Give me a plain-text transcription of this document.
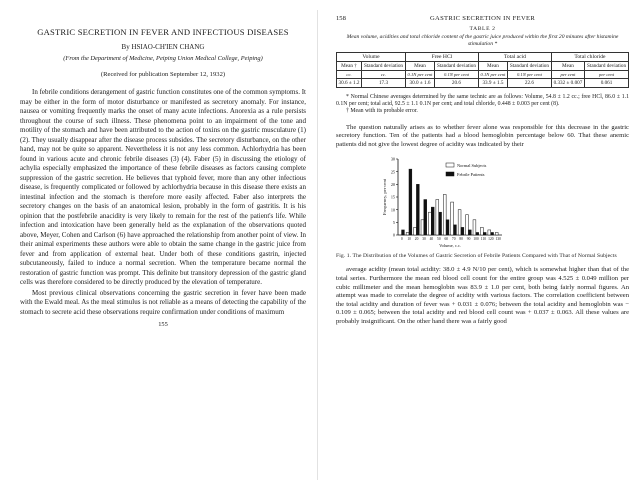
GASTRIC SECRETION IN FEVER AND INFECTIOUS DISEASES
By HSIAO-CH'IEN CHANG
(From the Department of Medicine, Peiping Union Medical College, Peiping)
(Received for publication September 12, 1932)

In febrile conditions derangement of gastric function constitutes one of the common symptoms. It may be either in the form of motor disturbance or manifested as secretory anomaly. For instance, nausea or vomiting frequently marks the onset of many acute infections. Anorexia as a rule persists throughout the course of such illness. These phenomena point to an impairment of the tone and motility of the stomach and have been attributed to the action of toxins on the gastric musculature (1) (2). They usually disappear after the disease process subsides. The secretory disturbance, on the other hand, may not be quite so apparent. Nevertheless it is not any less common. Achlorhydria has been found in various acute and chronic febrile diseases (3) (4). Faber (5) in discussing the etiology of achylia especially emphasized the importance of these febrile diseases as factors causing complete suppression of the gastric secretion. He believes that typhoid fever, more than any other infectious disease, is frequently complicated or followed by achlorhydria because in this disease there exists an intestinal infection and the stomach is therefore more easily affected. Faber also interprets the secretory changes on the basis of an anatomical lesion, probably in the form of gastritis. It is his opinion that the postfebrile anacidity is very likely to remain for the rest of the patient's life. While infection and intoxication have been generally held as the explanation of the observations quoted above, Meyer, Cohen and Carlson (6) have approached the relationship from another point of view. In their animal experiments these authors were able to obtain the same change in the gastric juice from fever and from application of external heat. Under both of these conditions gastrin, injected subcutaneously, failed to induce a normal secretion. When the temperature became normal the restoration of gastric function was prompt. This definite but transitory depression of the gastric gland cells was therefore considered to be directly produced by the elevation of temperature.

Most previous clinical observations concerning the gastric secretion in fever have been made with the Ewald meal. As the meal stimulus is not reliable as a means of detecting the capability of the stomach to secrete acid these observations require confirmation under conditions of maximum

155
158	GASTRIC SECRETION IN FEVER
TABLE 2
Mean volume, acidities and total chloride content of the gastric juice produced within the first 20 minutes after histamine stimulation *
Volume		Free HCl		Total acid		Total chloride	
Mean †	Standard deviation	Mean	Standard deviation	Mean	Standard deviation	Mean	Standard deviation
cc.	cc.	0.1N per cent	0.1N per cent	0.1N per cent	0.1N per cent	per cent	per cent
30.6 ± 1.2	17.3	30.0 ± 1.6	20.6	33.9 ± 1.5	22.6	0.332 ± 0.007	0.061

* Normal Chinese averages determined by the same technic are as follows: Volume, 54.8 ± 1.2 cc.; free HCl, 86.0 ± 1.1 0.1N per cent; total acid, 92.5 ± 1.1 0.1N per cent; and total chloride, 0.448 ± 0.003 per cent (8).

† Mean with its probable error.

The question naturally arises as to whether fever alone was responsible for this decrease in the gastric secretory function. Ten of the patients had a blood hemoglobin percentage below 60. That these anemic patients did not give the lowest degree of acidity was indicated by their

0
5
10
15
20
25
30
Frequency, per cent
0 10 20 30 40 50 60 70 80 90 100 110 120 130
Volume, c.c.
Normal Subjects
Febrile Patients
Fig. 1. The Distribution of the Volumes of Gastric Secretion of Febrile Patients Compared with That of Normal Subjects

average acidity (mean total acidity: 38.0 ± 4.9 N/10 per cent), which is somewhat higher than that of the total series. Furthermore the mean red blood cell count for the entire group was 4.525 ± 0.049 million per cubic millimeter and the mean hemoglobin was 83.9 ± 1.0 per cent, both being fairly normal figures. An attempt was made to correlate the degree of acidity with various factors. The correlation coefficient between the total acidity and duration of fever was + 0.031 ± 0.076; between the total acidity and hemoglobin was − 0.109 ± 0.065; between the total acidity and red blood cell count was + 0.037 ± 0.063. All these values are probably insignificant. On the other hand there was a fairly good
